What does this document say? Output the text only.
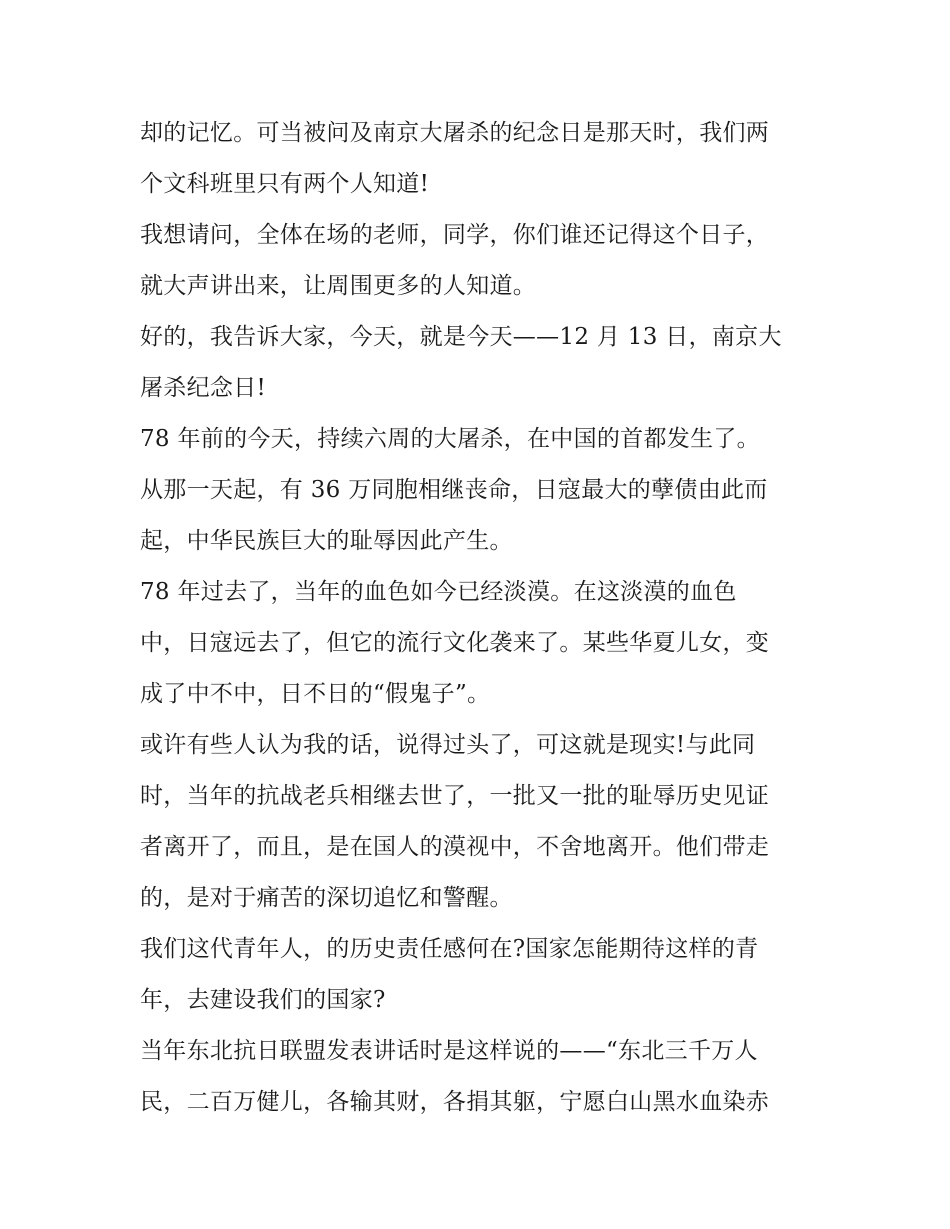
却的记忆。可当被问及南京大屠杀的纪念日是那天时，我们两
个文科班里只有两个人知道!
我想请问，全体在场的老师，同学，你们谁还记得这个日子，
就大声讲出来，让周围更多的人知道。
好的，我告诉大家，今天，就是今天——12 月 13 日，南京大
屠杀纪念日!
78 年前的今天，持续六周的大屠杀，在中国的首都发生了。
从那一天起，有 36 万同胞相继丧命，日寇最大的孽债由此而
起，中华民族巨大的耻辱因此产生。
78 年过去了，当年的血色如今已经淡漠。在这淡漠的血色
中，日寇远去了，但它的流行文化袭来了。某些华夏儿女，变
成了中不中，日不日的“假鬼子”。
或许有些人认为我的话，说得过头了，可这就是现实!与此同
时，当年的抗战老兵相继去世了，一批又一批的耻辱历史见证
者离开了，而且，是在国人的漠视中，不舍地离开。他们带走
的，是对于痛苦的深切追忆和警醒。
我们这代青年人，的历史责任感何在?国家怎能期待这样的青
年，去建设我们的国家?
当年东北抗日联盟发表讲话时是这样说的——“东北三千万人
民，二百万健儿，各输其财，各捐其躯，宁愿白山黑水血染赤
